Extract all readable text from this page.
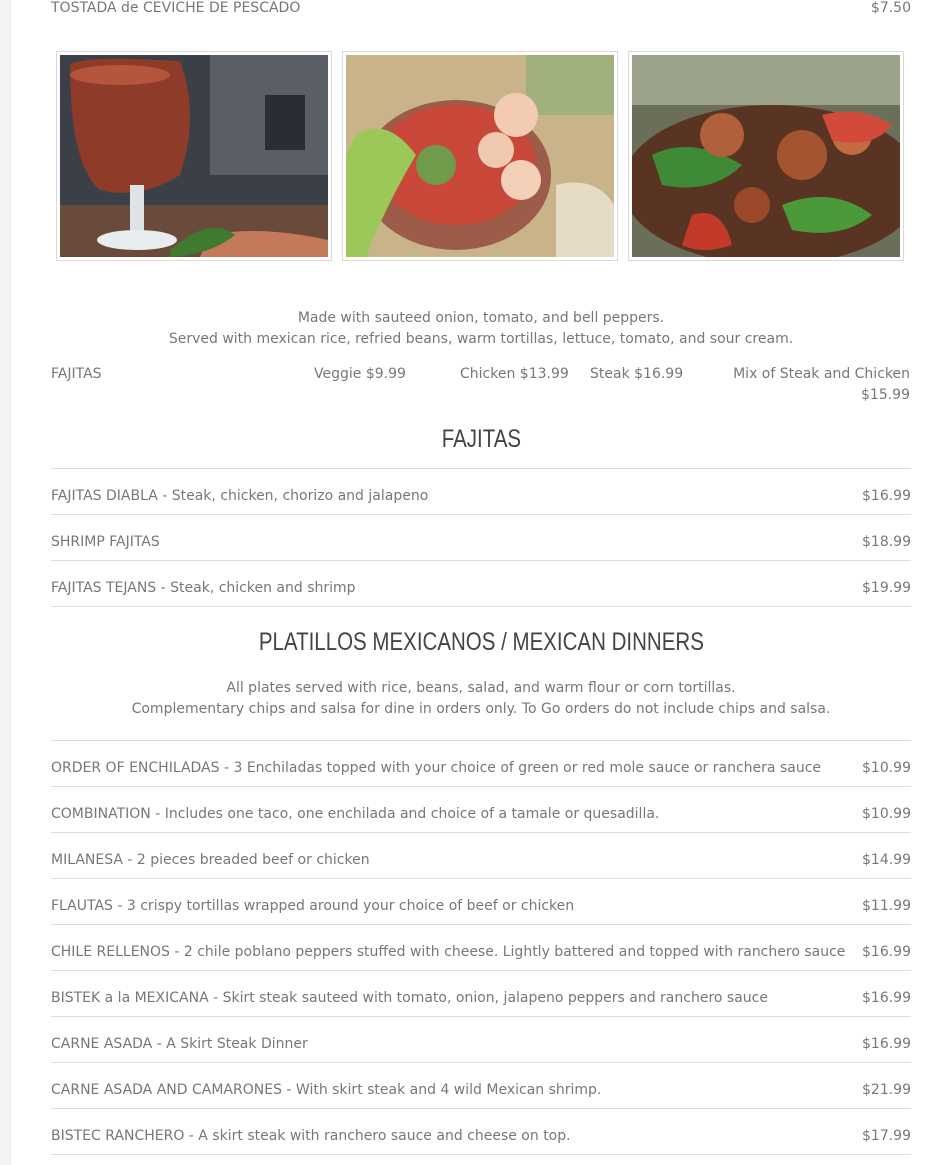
TOSTADA de CEVICHE DE PESCADO	$7.50
Made with sauteed onion, tomato, and bell peppers.
Served with mexican rice, refried beans, warm tortillas, lettuce, tomato, and sour cream.
FAJITAS	Veggie $9.99	Chicken $13.99 Steak $16.99	Mix of Steak and Chicken
$15.99
FAJITAS
FAJITAS DIABLA - Steak, chicken, chorizo and jalapeno	$16.99
SHRIMP FAJITAS	$18.99
FAJITAS TEJANS - Steak, chicken and shrimp	$19.99
PLATILLOS MEXICANOS / MEXICAN DINNERS
All plates served with rice, beans, salad, and warm flour or corn tortillas.
Complementary chips and salsa for dine in orders only. To Go orders do not include chips and salsa.
ORDER OF ENCHILADAS - 3 Enchiladas topped with your choice of green or red mole sauce or ranchera sauce	$10.99
COMBINATION - Includes one taco, one enchilada and choice of a tamale or quesadilla.	$10.99
MILANESA - 2 pieces breaded beef or chicken	$14.99
FLAUTAS - 3 crispy tortillas wrapped around your choice of beef or chicken	$11.99
CHILE RELLENOS - 2 chile poblano peppers stuffed with cheese. Lightly battered and topped with ranchero sauce $16.99
BISTEK a la MEXICANA - Skirt steak sauteed with tomato, onion, jalapeno peppers and ranchero sauce	$16.99
CARNE ASADA - A Skirt Steak Dinner	$16.99
CARNE ASADA AND CAMARONES - With skirt steak and 4 wild Mexican shrimp.	$21.99
BISTEC RANCHERO - A skirt steak with ranchero sauce and cheese on top.	$17.99
